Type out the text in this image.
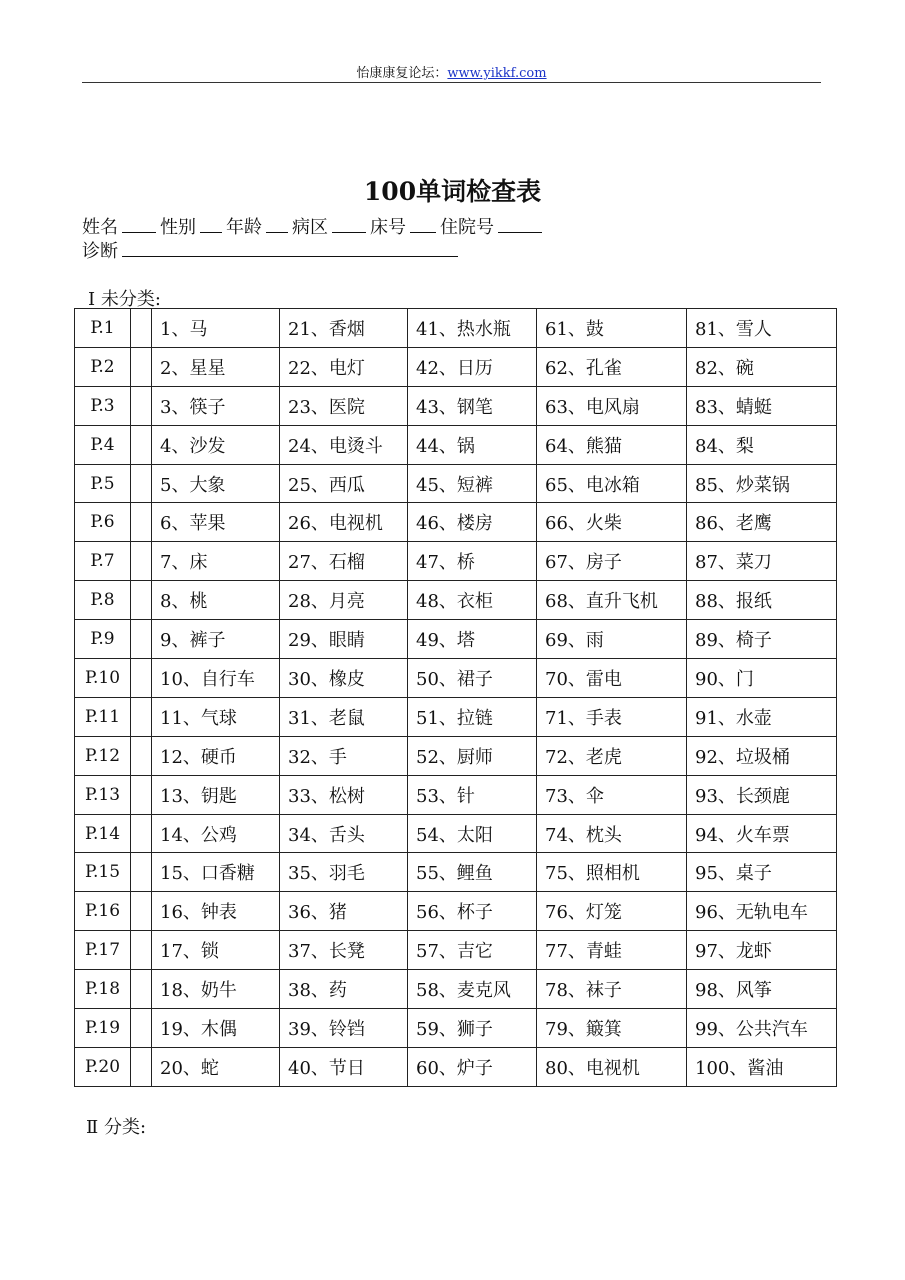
怡康康复论坛：www.yikkf.com
100单词检查表
姓名 性别 年龄 病区 床号 住院号
诊断
Ⅰ 未分类:
P.1		1、马	21、香烟	41、热水瓶	61、鼓	81、雪人
P.2		2、星星	22、电灯	42、日历	62、孔雀	82、碗
P.3		3、筷子	23、医院	43、钢笔	63、电风扇	83、蜻蜓
P.4		4、沙发	24、电烫斗	44、锅	64、熊猫	84、梨
P.5		5、大象	25、西瓜	45、短裤	65、电冰箱	85、炒菜锅
P.6		6、苹果	26、电视机	46、楼房	66、火柴	86、老鹰
P.7		7、床	27、石榴	47、桥	67、房子	87、菜刀
P.8		8、桃	28、月亮	48、衣柜	68、直升飞机	88、报纸
P.9		9、裤子	29、眼睛	49、塔	69、雨	89、椅子
P.10		10、自行车	30、橡皮	50、裙子	70、雷电	90、门
P.11		11、气球	31、老鼠	51、拉链	71、手表	91、水壶
P.12		12、硬币	32、手	52、厨师	72、老虎	92、垃圾桶
P.13		13、钥匙	33、松树	53、针	73、伞	93、长颈鹿
P.14		14、公鸡	34、舌头	54、太阳	74、枕头	94、火车票
P.15		15、口香糖	35、羽毛	55、鲤鱼	75、照相机	95、桌子
P.16		16、钟表	36、猪	56、杯子	76、灯笼	96、无轨电车
P.17		17、锁	37、长凳	57、吉它	77、青蛙	97、龙虾
P.18		18、奶牛	38、药	58、麦克风	78、袜子	98、风筝
P.19		19、木偶	39、铃铛	59、狮子	79、簸箕	99、公共汽车
P.20		20、蛇	40、节日	60、炉子	80、电视机	100、酱油
Ⅱ 分类:
